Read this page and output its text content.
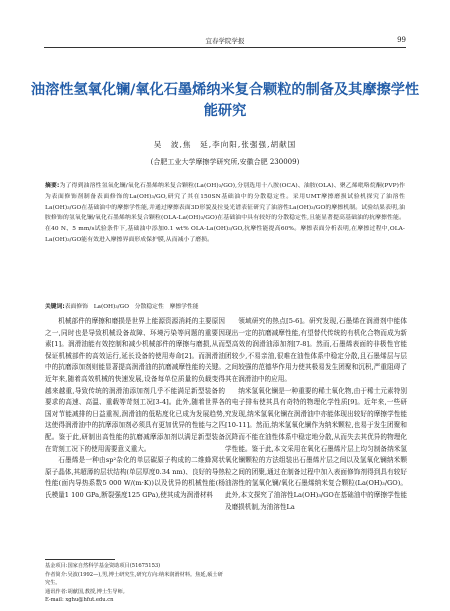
宜春学院学报	99
油溶性氢氧化镧/氧化石墨烯纳米复合颗粒的制备及其摩擦学性能研究
吴　波,焦　延,李向阳,张强强,胡献国
(合肥工业大学摩擦学研究所,安徽合肥 230009)
摘要:为了得到油溶性氢氧化镧/氧化石墨烯纳米复合颗粒(La(OH)₃/GO),分别选用十八胺(OCA)、油胺(OLA)、聚乙烯吡咯烷酮(PVP)作为表面修饰剂制备表面修饰的La(OH)₃/GO,研究了其在150SN基础油中的分散稳定性。采用UMT摩擦磨损试验机探究了油溶性La(OH)₃/GO在基础油中的摩擦学性能,并通过摩擦表面3D形貌及拉曼光谱表征研究了油溶性La(OH)₃/GO的摩擦机制。试验结果表明,油胺修饰的氢氧化镧/氧化石墨烯纳米复合颗粒(OLA-La(OH)₃/GO)在基础油中具有较好的分散稳定性,且能显著提高基础油的抗摩擦性能。在40 N、5 mm/s试验条件下,基础油中添加0.1 wt% OLA-La(OH)₃/GO,抗摩性能提高60%。摩擦表面分析表明,在摩擦过程中,OLA-La(OH)₃/GO能有效进入摩擦界面形成保护膜,从而减小了磨损。
关键词:表面修饰　La(OH)₃/GO　分散稳定性　摩擦学性能

机械部件的摩擦和磨损是世界上能源资源消耗的主要原因之一,同时也是导致机械设备故障、环境污染等问题的重要因素[1]。润滑油能有效控制和减少机械部件的摩擦与磨损,从而保证机械部件的高效运行,延长设备的使用寿命[2]。而润滑油中的抗磨添加剂则能显著提高润滑油的抗磨减摩性能的关键。近年来,随着高效机械的快速发展,设备每单位质量的负载变得越来越重,导致传统的润滑油添加剂几乎不能满足新型装备的要求的高速、高温、重载等苛刻工况[3-4]。此外,随着世界各国对节能减排的日益重视,润滑油的低粘度化已成为发展趋势,这使得润滑油中的抗摩添加剂必须具有更加优异的性能与之匹配。鉴于此,研制出高性能的抗磨减摩添加剂以满足新型装备在苛刻工况下的使用需要意义重大。

石墨烯是一种由sp²杂化的单层碳原子构成的二维蜂窝状原子晶体,其超薄的层状结构(单层厚度0.34 nm)、良好的导热性能(面内导热系数5 000 W/(m·K))以及优异的机械性能(杨氏模量1 100 GPa,断裂强度125 GPa),使其成为润滑材料

领域研究的热点[5-6]。研究发现,石墨烯在润滑剂中能体现出一定的抗磨减摩性能,有望替代传统的有机化合物而成为新型高效的润滑油添加剂[7-8]。然而,石墨烯表面的非极性官能团较少,不易亲油,很难在油性体系中稳定分散,且石墨烯层与层之间较强的范德华作用力使其极易发生团聚和沉积,严重阻碍了其在润滑油中的应用。

纳米氢氧化镧是一种重要的稀土氧化物,由于稀土元素特别的电子排布使其具有奇特的物理化学性质[9]。近年来,一些研究发现,纳米氢氧化镧在润滑油中亦能体现出较好的摩擦学性能[10-11]。然而,纳米氢氧化镧作为纳米颗粒,也易于发生团聚和沉降而不能在油性体系中稳定地分散,从而失去其优异的物理化学性能。鉴于此,本文采用在氧化石墨烯片层上均匀制备纳米氢氧化镧颗粒的方法组装出石墨烯片层之间以及氢氧化镧纳米颗粒之间的团聚,通过在制备过程中加入表面修饰剂得到具有较好油溶性的氢氧化镧/氧化石墨烯纳米复合颗粒(La(OH)₃/GO)。此外,本文探究了油溶性La(OH)₃/GO在基础油中的摩擦学性能及磨损机制,为油溶性La

基金项目:国家自然科学基金资助项目(51675153)
作者简介:吴波(1992—),男,博士研究生,研究方向:纳米润滑材料。焦延,硕士研究生。
通讯作者:胡献国,教授,博士生导师。
E-mail: xghu@hfut.edu.cn
